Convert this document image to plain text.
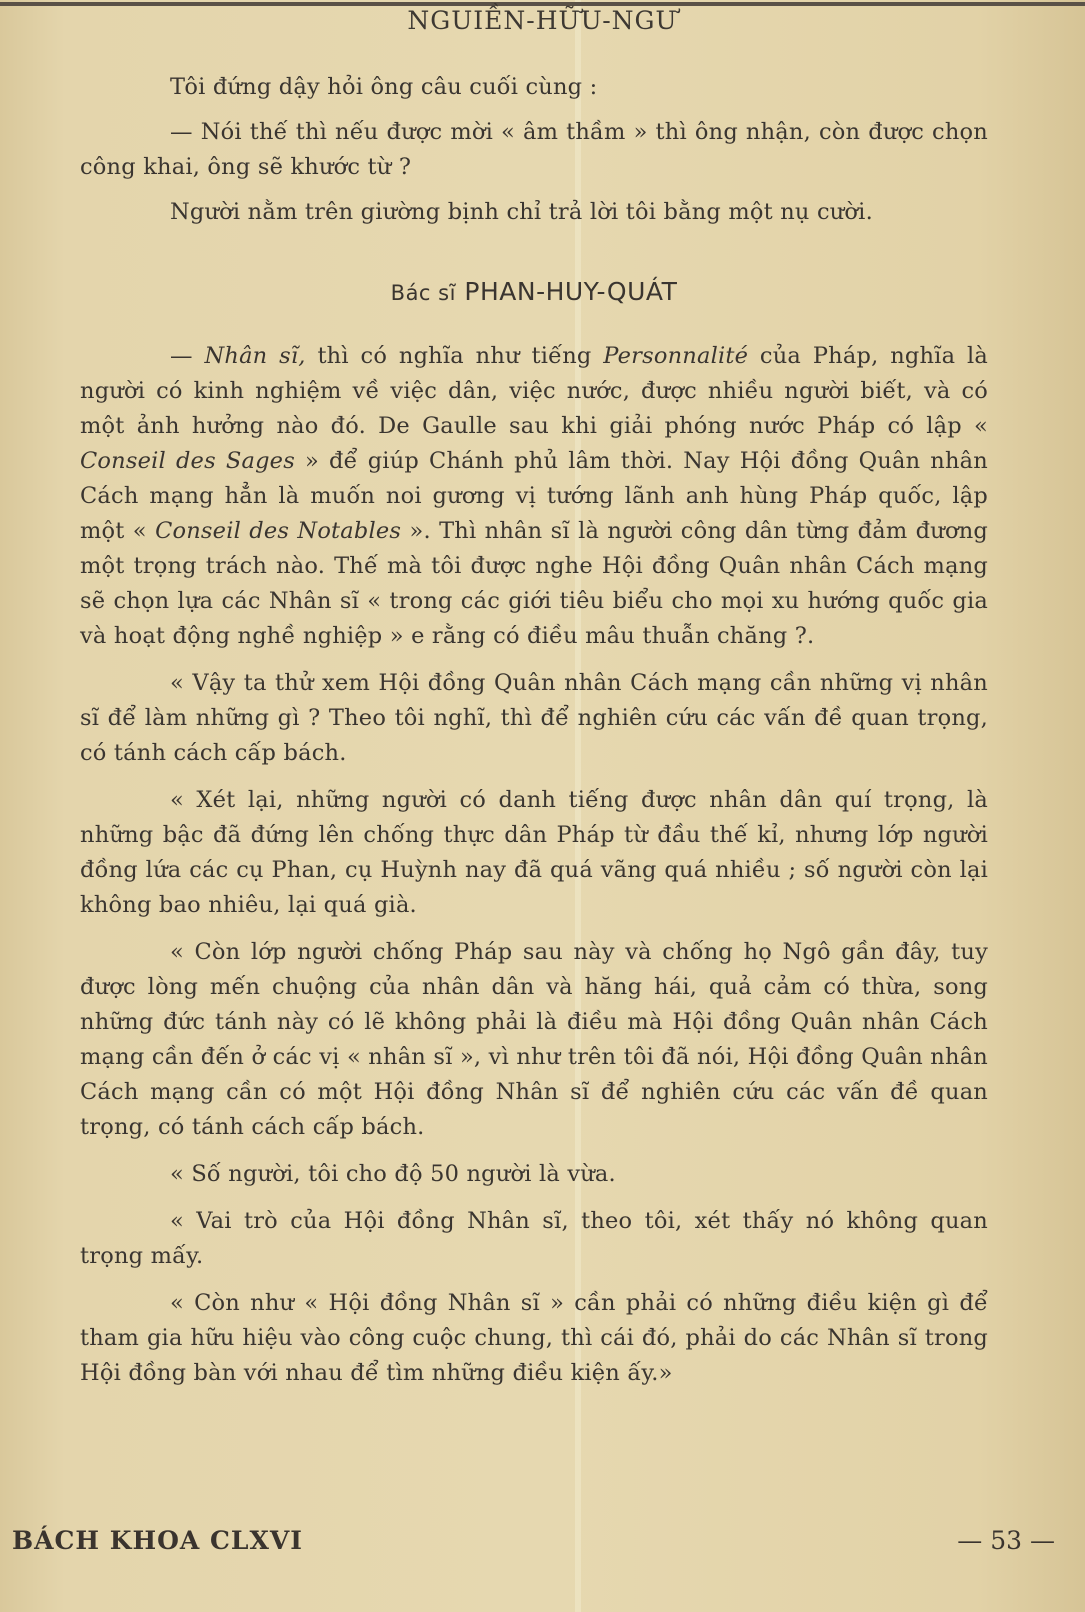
NGUIỀN-HỮU-NGƯ

Tôi đứng dậy hỏi ông câu cuối cùng :

— Nói thế thì nếu được mời « âm thầm » thì ông nhận, còn được chọn công khai, ông sẽ khước từ ?

Người nằm trên giường bịnh chỉ trả lời tôi bằng một nụ cười.

Bác sĩ PHAN-HUY-QUÁT

— Nhân sĩ, thì có nghĩa như tiếng Personnalité của Pháp, nghĩa là người có kinh nghiệm về việc dân, việc nước, được nhiều người biết, và có một ảnh hưởng nào đó. De Gaulle sau khi giải phóng nước Pháp có lập « Conseil des Sages » để giúp Chánh phủ lâm thời. Nay Hội đồng Quân nhân Cách mạng hẳn là muốn noi gương vị tướng lãnh anh hùng Pháp quốc, lập một « Conseil des Notables ». Thì nhân sĩ là người công dân từng đảm đương một trọng trách nào. Thế mà tôi được nghe Hội đồng Quân nhân Cách mạng sẽ chọn lựa các Nhân sĩ « trong các giới tiêu biểu cho mọi xu hướng quốc gia và hoạt động nghề nghiệp » e rằng có điều mâu thuẫn chăng ?.

« Vậy ta thử xem Hội đồng Quân nhân Cách mạng cần những vị nhân sĩ để làm những gì ? Theo tôi nghĩ, thì để nghiên cứu các vấn đề quan trọng, có tánh cách cấp bách.

« Xét lại, những người có danh tiếng được nhân dân quí trọng, là những bậc đã đứng lên chống thực dân Pháp từ đầu thế kỉ, nhưng lớp người đồng lứa các cụ Phan, cụ Huỳnh nay đã quá vãng quá nhiều ; số người còn lại không bao nhiêu, lại quá già.

« Còn lớp người chống Pháp sau này và chống họ Ngô gần đây, tuy được lòng mến chuộng của nhân dân và hăng hái, quả cảm có thừa, song những đức tánh này có lẽ không phải là điều mà Hội đồng Quân nhân Cách mạng cần đến ở các vị « nhân sĩ », vì như trên tôi đã nói, Hội đồng Quân nhân Cách mạng cần có một Hội đồng Nhân sĩ để nghiên cứu các vấn đề quan trọng, có tánh cách cấp bách.

« Số người, tôi cho độ 50 người là vừa.

« Vai trò của Hội đồng Nhân sĩ, theo tôi, xét thấy nó không quan trọng mấy.

« Còn như « Hội đồng Nhân sĩ » cần phải có những điều kiện gì để tham gia hữu hiệu vào công cuộc chung, thì cái đó, phải do các Nhân sĩ trong Hội đồng bàn với nhau để tìm những điều kiện ấy.»

BÁCH KHOA CLXVI	— 53 —
